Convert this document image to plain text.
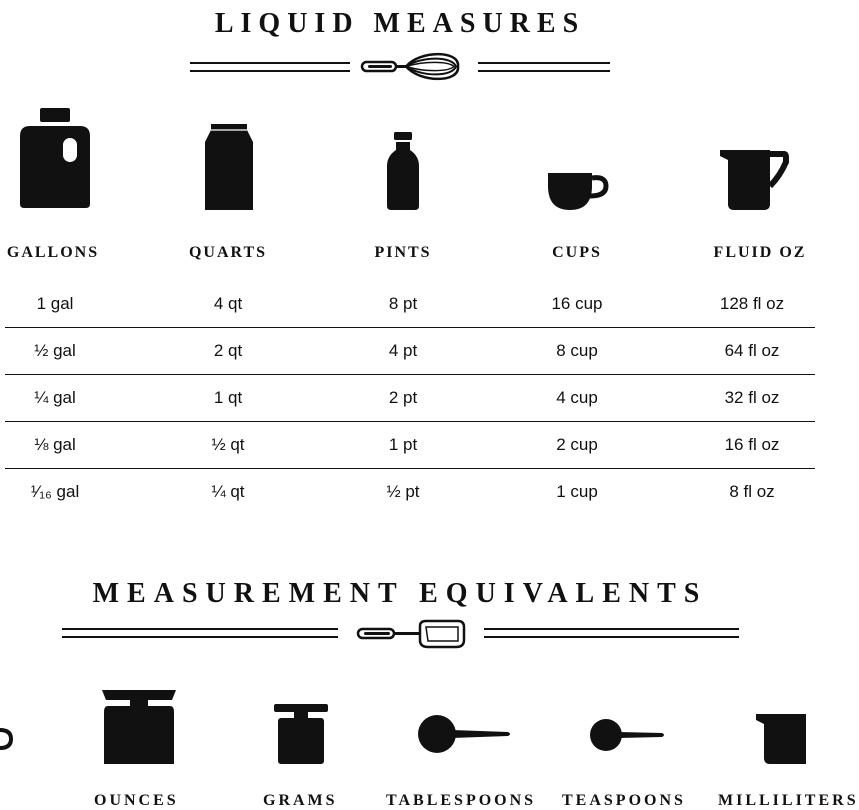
LIQUID MEASURES
GALLONS	QUARTS	PINTS	CUPS	FLUID OZ
1 gal	4 qt	8 pt	16 cup	128 fl oz
½ gal	2 qt	4 pt	8 cup	64 fl oz
¼ gal	1 qt	2 pt	4 cup	32 fl oz
⅛ gal	½ qt	1 pt	2 cup	16 fl oz
¹⁄₁₆ gal	¼ qt	½ pt	1 cup	8 fl oz
MEASUREMENT EQUIVALENTS
OUNCES	GRAMS	TABLESPOONS TEASPOONS MILLILITERS
